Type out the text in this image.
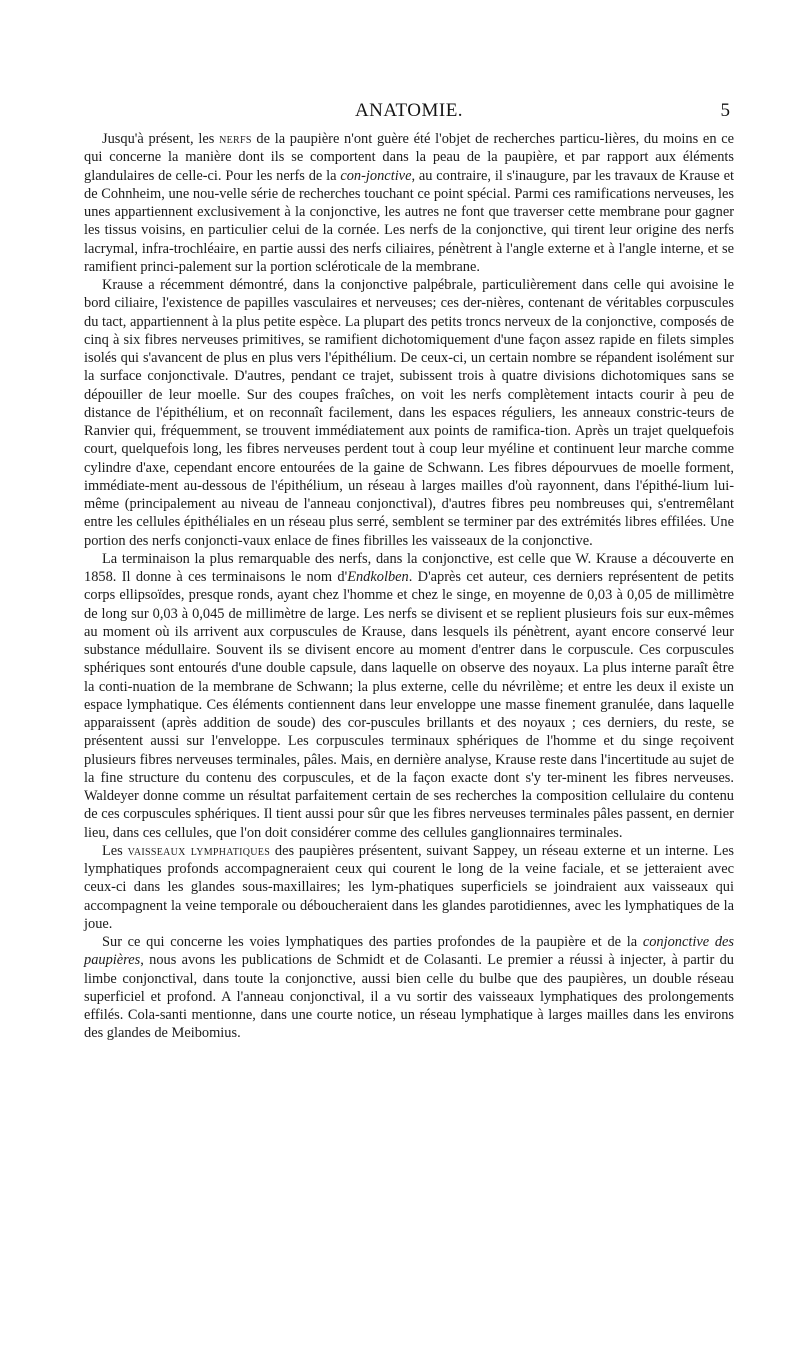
ANATOMIE.	5

Jusqu'à présent, les nerfs de la paupière n'ont guère été l'objet de recherches particu-lières, du moins en ce qui concerne la manière dont ils se comportent dans la peau de la paupière, et par rapport aux éléments glandulaires de celle-ci. Pour les nerfs de la con-jonctive, au contraire, il s'inaugure, par les travaux de Krause et de Cohnheim, une nou-velle série de recherches touchant ce point spécial. Parmi ces ramifications nerveuses, les unes appartiennent exclusivement à la conjonctive, les autres ne font que traverser cette membrane pour gagner les tissus voisins, en particulier celui de la cornée. Les nerfs de la conjonctive, qui tirent leur origine des nerfs lacrymal, infra-trochléaire, en partie aussi des nerfs ciliaires, pénètrent à l'angle externe et à l'angle interne, et se ramifient princi-palement sur la portion scléroticale de la membrane.

Krause a récemment démontré, dans la conjonctive palpébrale, particulièrement dans celle qui avoisine le bord ciliaire, l'existence de papilles vasculaires et nerveuses; ces der-nières, contenant de véritables corpuscules du tact, appartiennent à la plus petite espèce. La plupart des petits troncs nerveux de la conjonctive, composés de cinq à six fibres nerveuses primitives, se ramifient dichotomiquement d'une façon assez rapide en filets simples isolés qui s'avancent de plus en plus vers l'épithélium. De ceux-ci, un certain nombre se répandent isolément sur la surface conjonctivale. D'autres, pendant ce trajet, subissent trois à quatre divisions dichotomiques sans se dépouiller de leur moelle. Sur des coupes fraîches, on voit les nerfs complètement intacts courir à peu de distance de l'épithélium, et on reconnaît facilement, dans les espaces réguliers, les anneaux constric-teurs de Ranvier qui, fréquemment, se trouvent immédiatement aux points de ramifica-tion. Après un trajet quelquefois court, quelquefois long, les fibres nerveuses perdent tout à coup leur myéline et continuent leur marche comme cylindre d'axe, cependant encore entourées de la gaine de Schwann. Les fibres dépourvues de moelle forment, immédiate-ment au-dessous de l'épithélium, un réseau à larges mailles d'où rayonnent, dans l'épithé-lium lui-même (principalement au niveau de l'anneau conjonctival), d'autres fibres peu nombreuses qui, s'entremêlant entre les cellules épithéliales en un réseau plus serré, semblent se terminer par des extrémités libres effilées. Une portion des nerfs conjoncti-vaux enlace de fines fibrilles les vaisseaux de la conjonctive.

La terminaison la plus remarquable des nerfs, dans la conjonctive, est celle que W. Krause a découverte en 1858. Il donne à ces terminaisons le nom d'Endkolben. D'après cet auteur, ces derniers représentent de petits corps ellipsoïdes, presque ronds, ayant chez l'homme et chez le singe, en moyenne de 0,03 à 0,05 de millimètre de long sur 0,03 à 0,045 de millimètre de large. Les nerfs se divisent et se replient plusieurs fois sur eux-mêmes au moment où ils arrivent aux corpuscules de Krause, dans lesquels ils pénètrent, ayant encore conservé leur substance médullaire. Souvent ils se divisent encore au moment d'entrer dans le corpuscule. Ces corpuscules sphériques sont entourés d'une double capsule, dans laquelle on observe des noyaux. La plus interne paraît être la conti-nuation de la membrane de Schwann; la plus externe, celle du névrilème; et entre les deux il existe un espace lymphatique. Ces éléments contiennent dans leur enveloppe une masse finement granulée, dans laquelle apparaissent (après addition de soude) des cor-puscules brillants et des noyaux ; ces derniers, du reste, se présentent aussi sur l'enveloppe. Les corpuscules terminaux sphériques de l'homme et du singe reçoivent plusieurs fibres nerveuses terminales, pâles. Mais, en dernière analyse, Krause reste dans l'incertitude au sujet de la fine structure du contenu des corpuscules, et de la façon exacte dont s'y ter-minent les fibres nerveuses. Waldeyer donne comme un résultat parfaitement certain de ses recherches la composition cellulaire du contenu de ces corpuscules sphériques. Il tient aussi pour sûr que les fibres nerveuses terminales pâles passent, en dernier lieu, dans ces cellules, que l'on doit considérer comme des cellules ganglionnaires terminales.

Les vaisseaux lymphatiques des paupières présentent, suivant Sappey, un réseau externe et un interne. Les lymphatiques profonds accompagneraient ceux qui courent le long de la veine faciale, et se jetteraient avec ceux-ci dans les glandes sous-maxillaires; les lym-phatiques superficiels se joindraient aux vaisseaux qui accompagnent la veine temporale ou déboucheraient dans les glandes parotidiennes, avec les lymphatiques de la joue.

Sur ce qui concerne les voies lymphatiques des parties profondes de la paupière et de la conjonctive des paupières, nous avons les publications de Schmidt et de Colasanti. Le premier a réussi à injecter, à partir du limbe conjonctival, dans toute la conjonctive, aussi bien celle du bulbe que des paupières, un double réseau superficiel et profond. A l'anneau conjonctival, il a vu sortir des vaisseaux lymphatiques des prolongements effilés. Cola-santi mentionne, dans une courte notice, un réseau lymphatique à larges mailles dans les environs des glandes de Meibomius.
